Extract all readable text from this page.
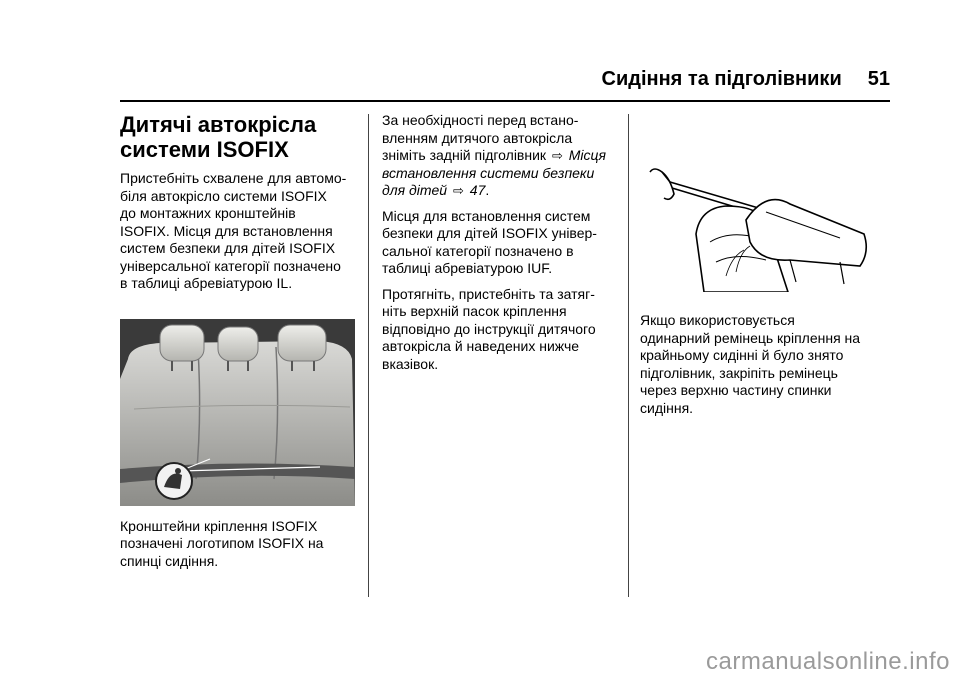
Сидіння та підголівники 51
Дитячі автокрісла
системи ISOFIX

Пристебніть схвалене для автомо-
біля автокрісло системи ISOFIX
до монтажних кронштейнів
ISOFIX. Місця для встановлення
систем безпеки для дітей ISOFIX
універсальної категорії позначено
в таблиці абревіатурою IL.

Кронштейни кріплення ISOFIX
позначені логотипом ISOFIX на
спинці сидіння.

За необхідності перед встано-
вленням дитячого автокрісла
зніміть задній підголівник ⇨ Місця
встановлення системи безпеки
для дітей ⇨ 47.

Місця для встановлення систем
безпеки для дітей ISOFIX універ-
сальної категорії позначено в
таблиці абревіатурою IUF.

Протягніть, пристебніть та затяг-
ніть верхній пасок кріплення
відповідно до інструкції дитячого
автокрісла й наведених нижче
вказівок.

Якщо використовується
одинарний ремінець кріплення на
крайньому сидінні й було знято
підголівник, закріпіть ремінець
через верхню частину спинки
сидіння.

carmanualsonline.info
